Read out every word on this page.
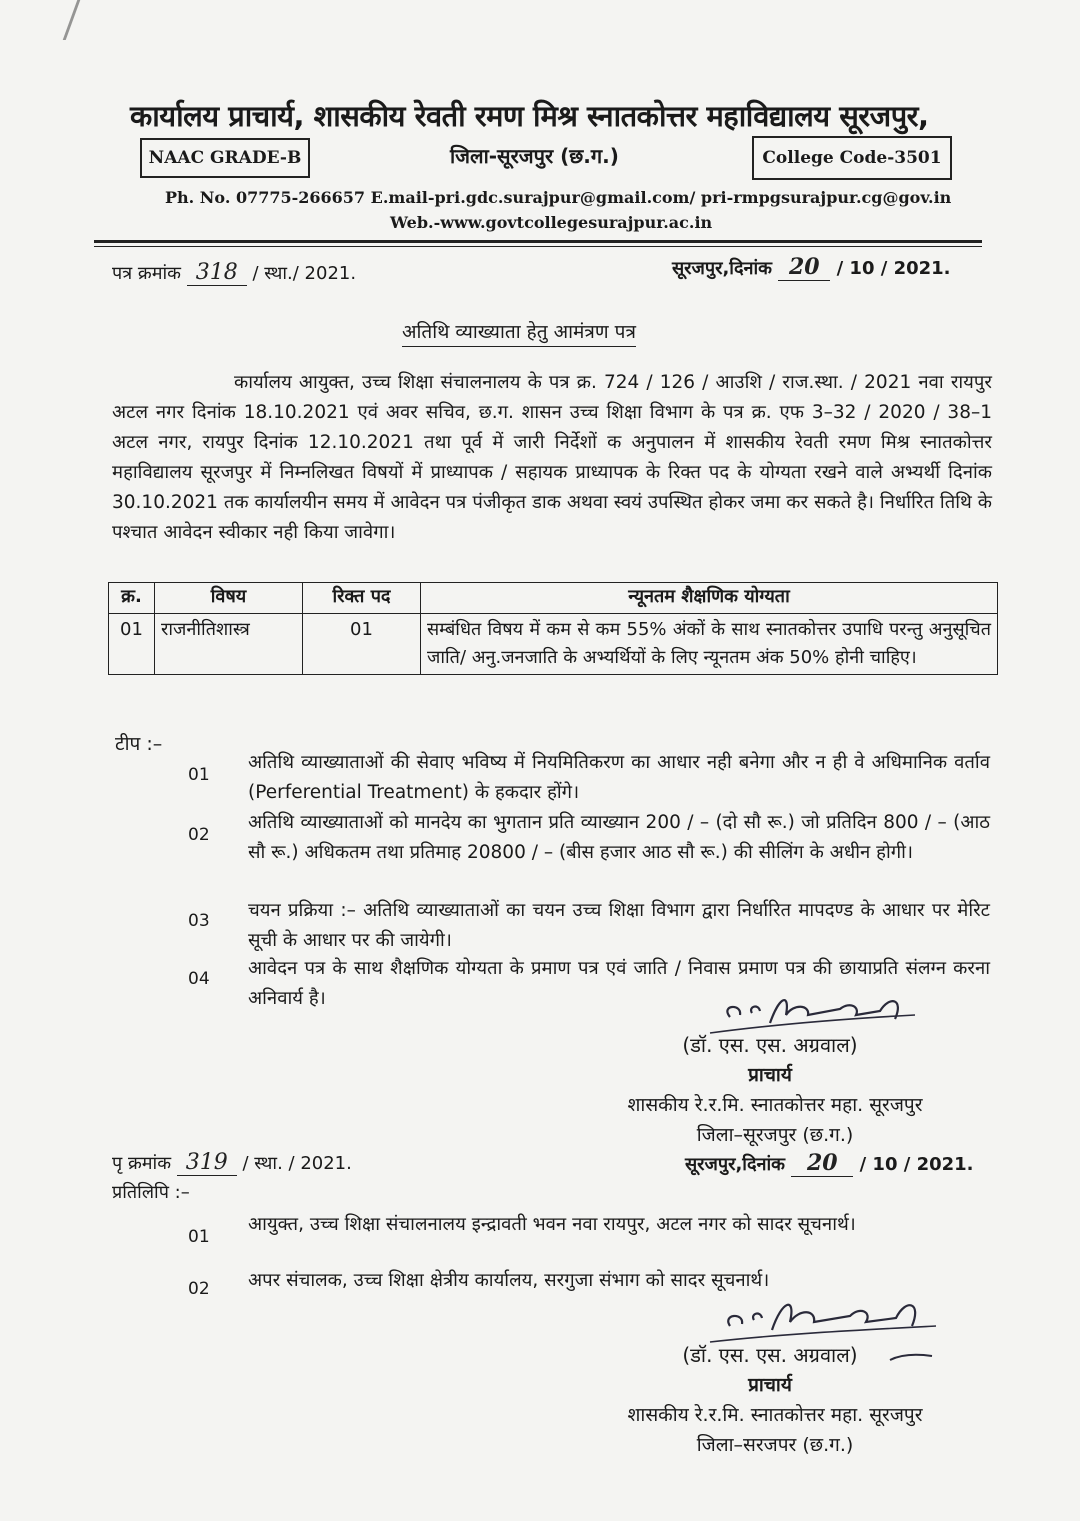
कार्यालय प्राचार्य, शासकीय रेवती रमण मिश्र स्नातकोत्तर महाविद्यालय सूरजपुर,
NAAC GRADE-B	जिला-सूरजपुर (छ.ग.)	College Code-3501
Ph. No. 07775-266657 E.mail-pri.gdc.surajpur@gmail.com/ pri-rmpgsurajpur.cg@gov.in
Web.-www.govtcollegesurajpur.ac.in
पत्र क्रमांक 318 / स्था./ 2021.	सूरजपुर,दिनांक 20 / 10 / 2021.
अतिथि व्याख्याता हेतु आमंत्रण पत्र
कार्यालय आयुक्त, उच्च शिक्षा संचालनालय के पत्र क्र. 724 / 126 / आउशि / राज.स्था. / 2021 नवा रायपुर अटल नगर दिनांक 18.10.2021 एवं अवर सचिव, छ.ग. शासन उच्च शिक्षा विभाग के पत्र क्र. एफ 3–32 / 2020 / 38–1 अटल नगर, रायपुर दिनांक 12.10.2021 तथा पूर्व में जारी निर्देशों क अनुपालन में शासकीय रेवती रमण मिश्र स्नातकोत्तर महाविद्यालय सूरजपुर में निम्नलिखत विषयों में प्राध्यापक / सहायक प्राध्यापक के रिक्त पद के योग्यता रखने वाले अभ्यर्थी दिनांक 30.10.2021 तक कार्यालयीन समय में आवेदन पत्र पंजीकृत डाक अथवा स्वयं उपस्थित होकर जमा कर सकते है। निर्धारित तिथि के पश्चात आवेदन स्वीकार नही किया जावेगा।
क्र.	विषय	रिक्त पद	न्यूनतम शैक्षणिक योग्यता
01	राजनीतिशास्त्र	01	सम्बंधित विषय में कम से कम 55% अंकों के साथ स्नातकोत्तर उपाधि परन्तु अनुसूचित जाति/ अनु.जनजाति के अभ्यर्थियों के लिए न्यूनतम अंक 50% होनी चाहिए।
टीप :–
01
अतिथि व्याख्याताओं की सेवाए भविष्य में नियमितिकरण का आधार नही बनेगा और न ही वे अधिमानिक वर्ताव (Perferential Treatment) के हकदार होंगे।
02
अतिथि व्याख्याताओं को मानदेय का भुगतान प्रति व्याख्यान 200 / – (दो सौ रू.) जो प्रतिदिन 800 / – (आठ सौ रू.) अधिकतम तथा प्रतिमाह 20800 / – (बीस हजार आठ सौ रू.) की सीलिंग के अधीन होगी।
03	चयन प्रक्रिया :– अतिथि व्याख्याताओं का चयन उच्च शिक्षा विभाग द्वारा निर्धारित मापदण्ड के आधार पर मेरिट सूची के आधार पर की जायेगी।
04	आवेदन पत्र के साथ शैक्षणिक योग्यता के प्रमाण पत्र एवं जाति / निवास प्रमाण पत्र की छायाप्रति संलग्न करना अनिवार्य है।
(डॉ. एस. एस. अग्रवाल)
प्राचार्य
शासकीय रे.र.मि. स्नातकोत्तर महा. सूरजपुर
जिला–सूरजपुर (छ.ग.)
पृ क्रमांक 319 / स्था. / 2021.	सूरजपुर,दिनांक 20 / 10 / 2021.
प्रतिलिपि :–
01
आयुक्त, उच्च शिक्षा संचालनालय इन्द्रावती भवन नवा रायपुर, अटल नगर को सादर सूचनार्थ।
02	अपर संचालक, उच्च शिक्षा क्षेत्रीय कार्यालय, सरगुजा संभाग को सादर सूचनार्थ।
(डॉ. एस. एस. अग्रवाल)
प्राचार्य
शासकीय रे.र.मि. स्नातकोत्तर महा. सूरजपुर
जिला–सरजपर (छ.ग.)
